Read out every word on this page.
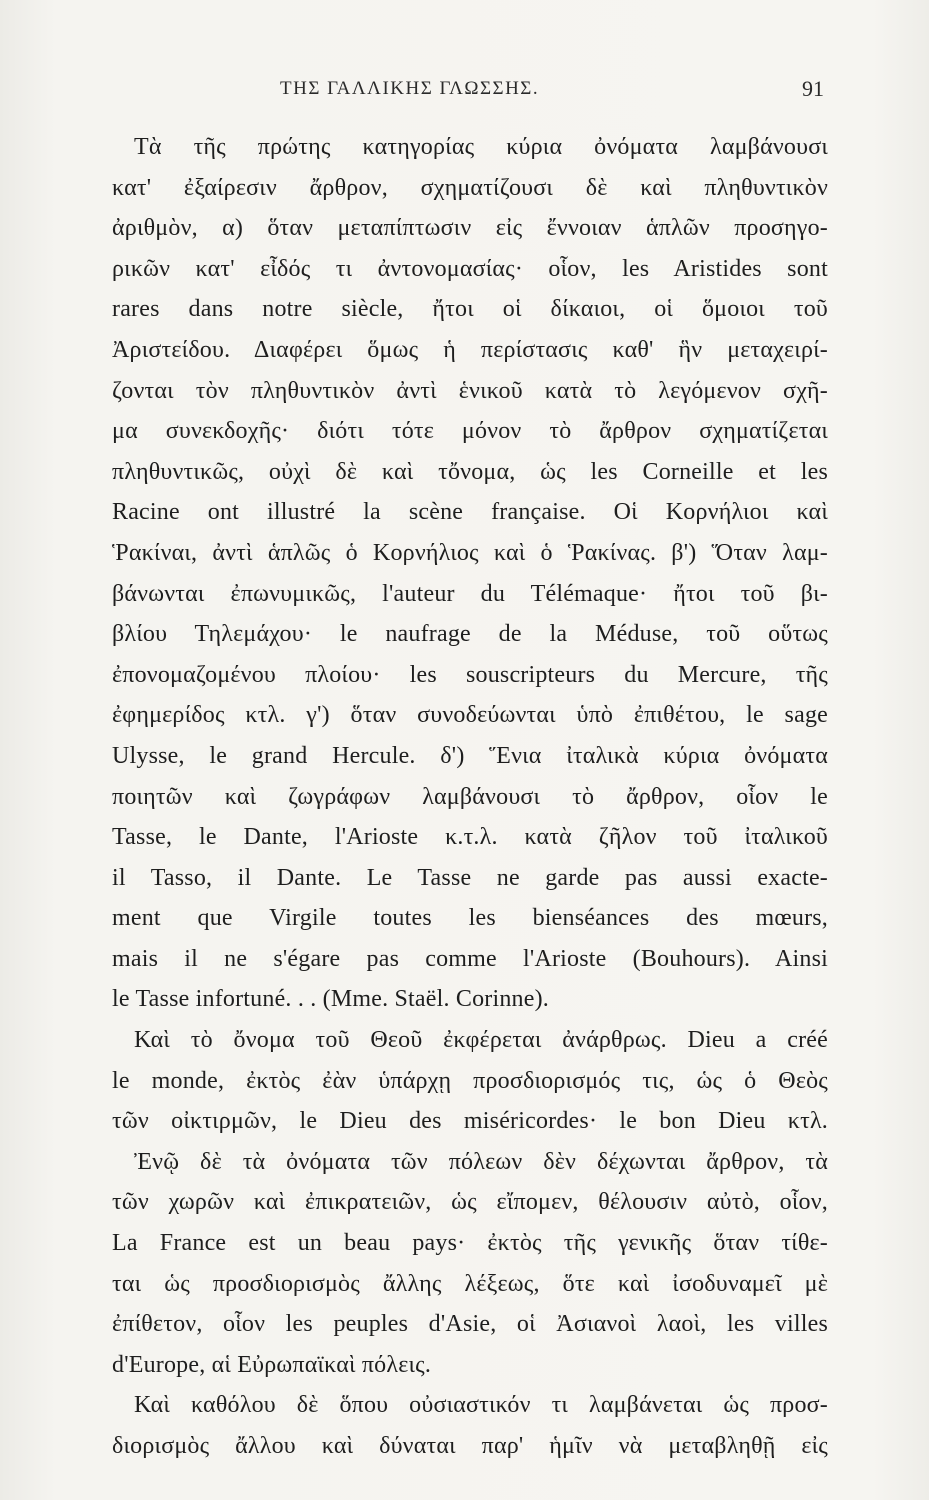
ΤΗΣ ΓΑΛΛΙΚΗΣ ΓΛΩΣΣΗΣ.	91
Τὰ τῆς πρώτης κατηγορίας κύρια ὀνόματα λαμβάνουσι
κατ' ἐξαίρεσιν ἄρθρον, σχηματίζουσι δὲ καὶ πληθυντικὸν
ἀριθμὸν, α) ὅταν μεταπίπτωσιν εἰς ἔννοιαν ἁπλῶν προσηγο-
ρικῶν κατ' εἶδός τι ἀντονομασίας· οἷον, les Aristides sont
rares dans notre siècle, ἤτοι οἱ δίκαιοι, οἱ ὅμοιοι τοῦ
Ἀριστείδου. Διαφέρει ὅμως ἡ περίστασις καθ' ἣν μεταχειρί-
ζονται τὸν πληθυντικὸν ἀντὶ ἑνικοῦ κατὰ τὸ λεγόμενον σχῆ-
μα συνεκδοχῆς· διότι τότε μόνον τὸ ἄρθρον σχηματίζεται
πληθυντικῶς, οὐχὶ δὲ καὶ τὄνομα, ὡς les Corneille et les
Racine ont illustré la scène française. Οἱ Κορνήλιοι καὶ
Ῥακίναι, ἀντὶ ἁπλῶς ὁ Κορνήλιος καὶ ὁ Ῥακίνας. β') Ὅταν λαμ-
βάνωνται ἐπωνυμικῶς, l'auteur du Télémaque· ἤτοι τοῦ βι-
βλίου Τηλεμάχου· le naufrage de la Méduse, τοῦ οὕτως
ἐπονομαζομένου πλοίου· les souscripteurs du Mercure, τῆς
ἐφημερίδος κτλ. γ') ὅταν συνοδεύωνται ὑπὸ ἐπιθέτου, le sage
Ulysse, le grand Hercule. δ') Ἕνια ἰταλικὰ κύρια ὀνόματα
ποιητῶν καὶ ζωγράφων λαμβάνουσι τὸ ἄρθρον, οἷον le
Tasse, le Dante, l'Arioste κ.τ.λ. κατὰ ζῆλον τοῦ ἰταλικοῦ
il Tasso, il Dante. Le Tasse ne garde pas aussi exacte-
ment que Virgile toutes les bienséances des mœurs,
mais il ne s'égare pas comme l'Arioste (Bouhours). Ainsi
le Tasse infortuné. . . (Mme. Staël. Corinne).
Καὶ τὸ ὄνομα τοῦ Θεοῦ ἐκφέρεται ἀνάρθρως. Dieu a créé
le monde, ἐκτὸς ἐὰν ὑπάρχῃ προσδιορισμός τις, ὡς ὁ Θεὸς
τῶν οἰκτιρμῶν, le Dieu des miséricordes· le bon Dieu κτλ.
Ἐνῷ δὲ τὰ ὀνόματα τῶν πόλεων δὲν δέχωνται ἄρθρον, τὰ
τῶν χωρῶν καὶ ἐπικρατειῶν, ὡς εἴπομεν, θέλουσιν αὐτὸ, οἷον,
La France est un beau pays· ἐκτὸς τῆς γενικῆς ὅταν τίθε-
ται ὡς προσδιορισμὸς ἄλλης λέξεως, ὅτε καὶ ἰσοδυναμεῖ μὲ
ἐπίθετον, οἷον les peuples d'Asie, οἱ Ἀσιανοὶ λαοὶ, les villes
d'Europe, αἱ Εὐρωπαϊκαὶ πόλεις.
Καὶ καθόλου δὲ ὅπου οὐσιαστικόν τι λαμβάνεται ὡς προσ-
διορισμὸς ἄλλου καὶ δύναται παρ' ἡμῖν νὰ μεταβληθῇ εἰς
